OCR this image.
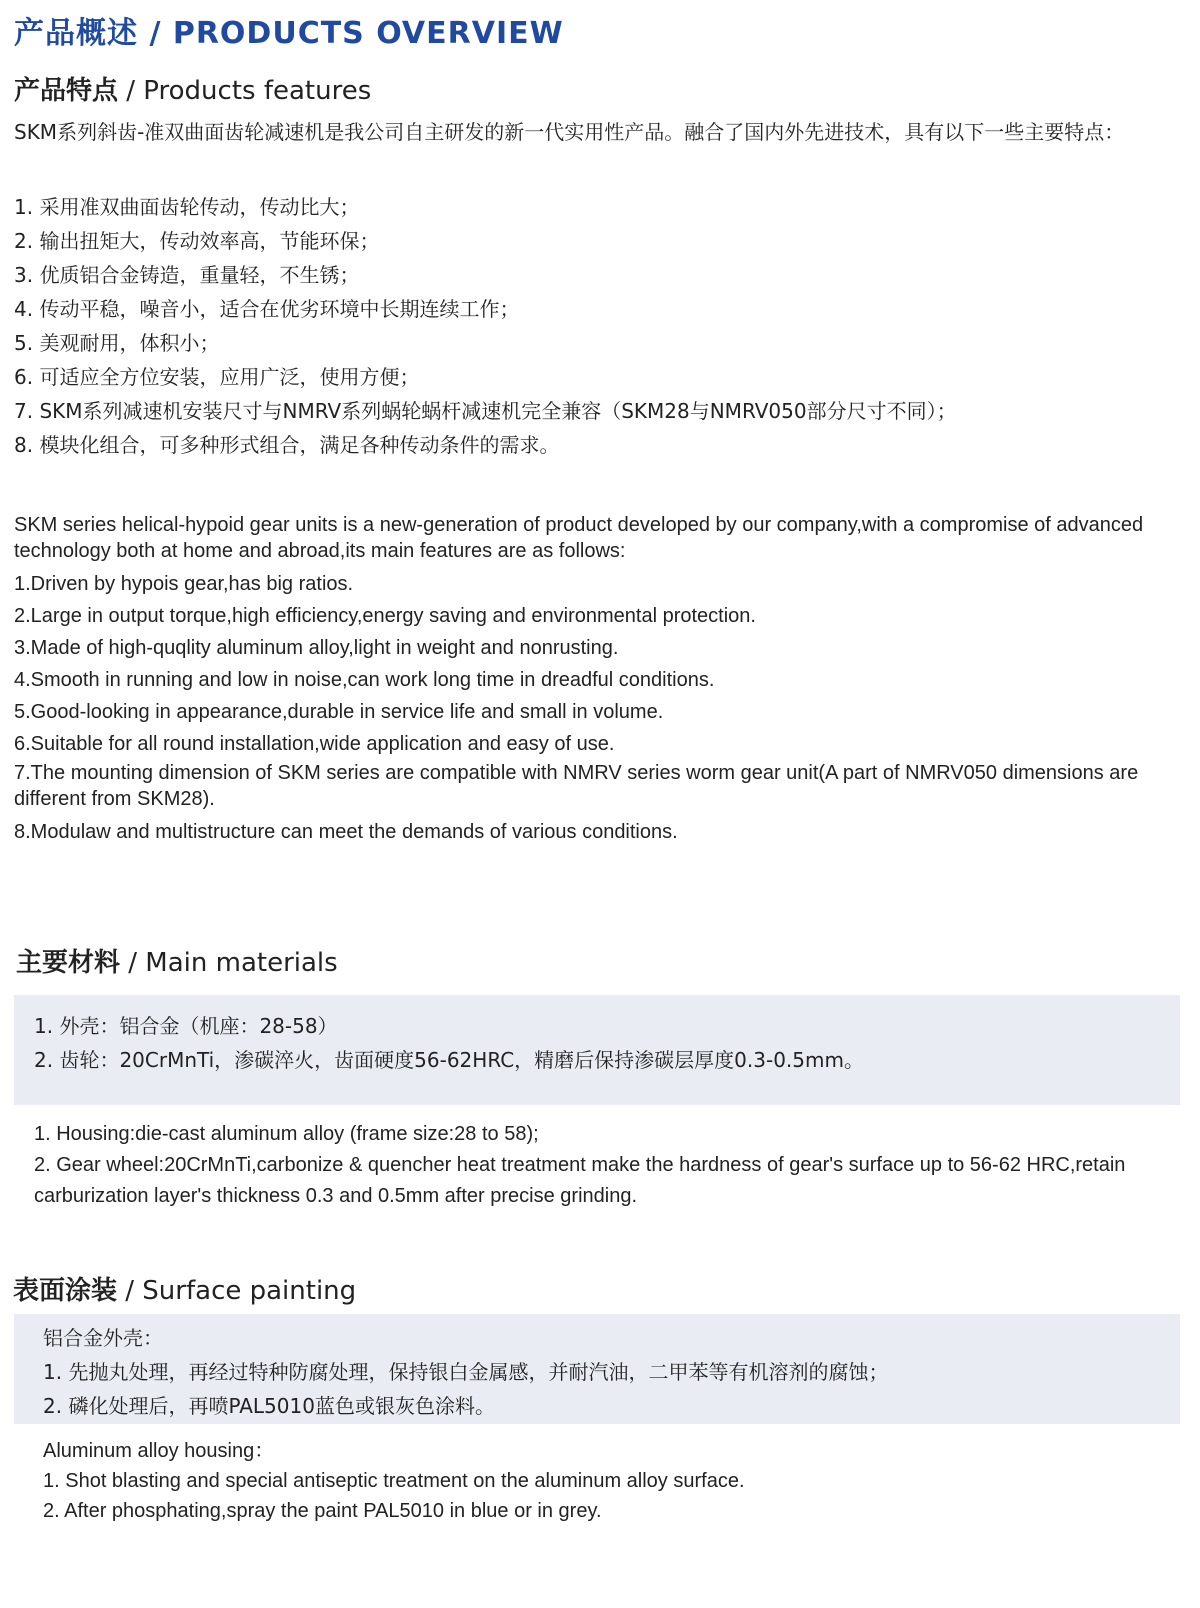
产品概述 / PRODUCTS OVERVIEW
产品特点 / Products features

SKM系列斜齿-准双曲面齿轮减速机是我公司自主研发的新一代实用性产品。融合了国内外先进技术，具有以下一些主要特点：

1. 采用准双曲面齿轮传动，传动比大；
2. 输出扭矩大，传动效率高，节能环保；
3. 优质铝合金铸造，重量轻，不生锈；
4. 传动平稳，噪音小，适合在优劣环境中长期连续工作；
5. 美观耐用，体积小；
6. 可适应全方位安装，应用广泛，使用方便；
7. SKM系列减速机安装尺寸与NMRV系列蜗轮蜗杆减速机完全兼容（SKM28与NMRV050部分尺寸不同）；
8. 模块化组合，可多种形式组合，满足各种传动条件的需求。

SKM series helical-hypoid gear units is a new-generation of product developed by our company,with a compromise of advanced technology both at home and abroad,its main features are as follows:

1.Driven by hypois gear,has big ratios.
2.Large in output torque,high efficiency,energy saving and environmental protection.
3.Made of high-quqlity aluminum alloy,light in weight and nonrusting.
4.Smooth in running and low in noise,can work long time in dreadful conditions.
5.Good-looking in appearance,durable in service life and small in volume.
6.Suitable for all round installation,wide application and easy of use.
7.The mounting dimension of SKM series are compatible with NMRV series worm gear unit(A part of NMRV050 dimensions are different from SKM28).
8.Modulaw and multistructure can meet the demands of various conditions.
主要材料 / Main materials
1. 外壳：铝合金（机座：28-58）
2. 齿轮：20CrMnTi，渗碳淬火，齿面硬度56-62HRC，精磨后保持渗碳层厚度0.3-0.5mm。
1. Housing:die-cast aluminum alloy (frame size:28 to 58);
2. Gear wheel:20CrMnTi,carbonize & quencher heat treatment make the hardness of gear's surface up to 56-62 HRC,retain carburization layer's thickness 0.3 and 0.5mm after precise grinding.
表面涂装 / Surface painting

铝合金外壳：

1. 先抛丸处理，再经过特种防腐处理，保持银白金属感，并耐汽油，二甲苯等有机溶剂的腐蚀；

2. 磷化处理后，再喷PAL5010蓝色或银灰色涂料。

Aluminum alloy housing：

1. Shot blasting and special antiseptic treatment on the aluminum alloy surface.

2. After phosphating,spray the paint PAL5010 in blue or in grey.
